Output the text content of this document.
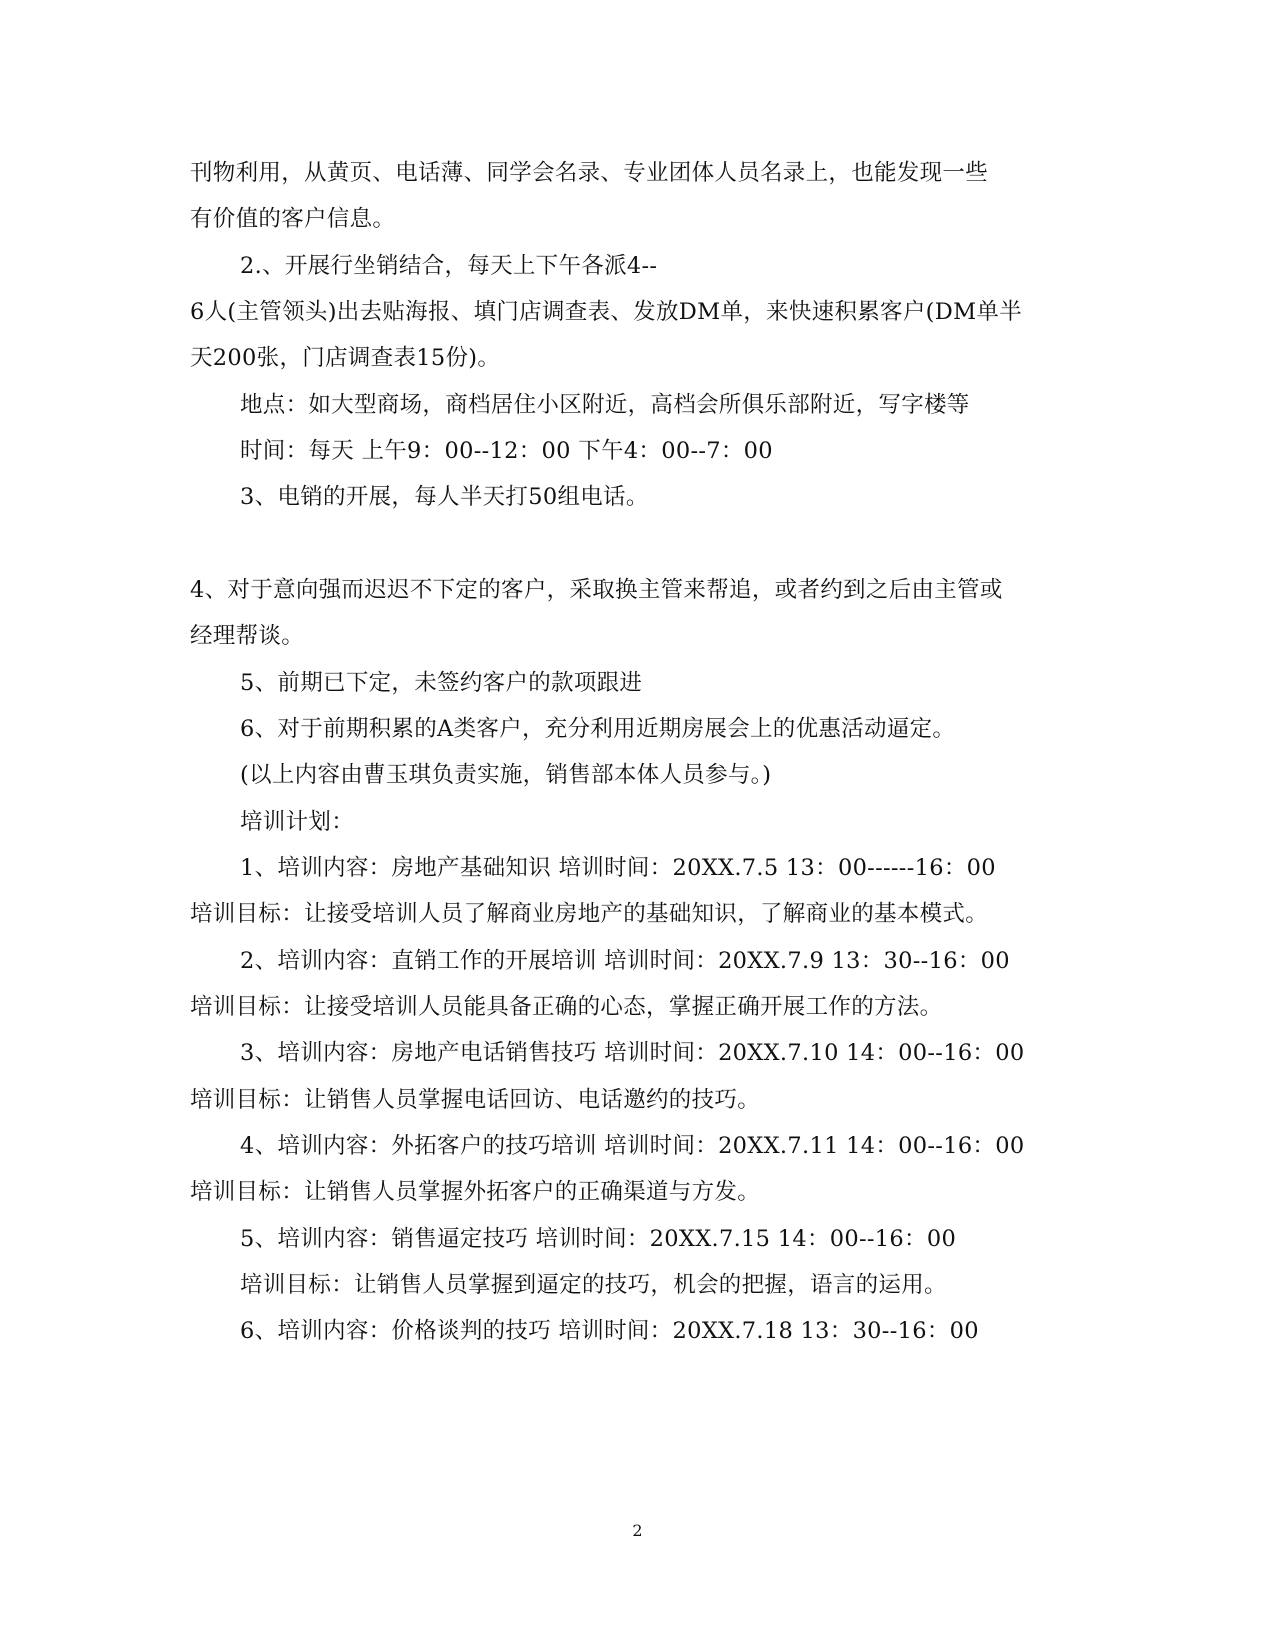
刊物利用，从黄页、电话薄、同学会名录、专业团体人员名录上，也能发现一些
有价值的客户信息。
2.、开展行坐销结合，每天上下午各派4--
6人(主管领头)出去贴海报、填门店调查表、发放DM单，来快速积累客户(DM单半
天200张，门店调查表15份)。
地点：如大型商场，商档居住小区附近，高档会所俱乐部附近，写字楼等
时间：每天 上午9：00--12：00 下午4：00--7：00
3、电销的开展，每人半天打50组电话。
4、对于意向强而迟迟不下定的客户，采取换主管来帮追，或者约到之后由主管或
经理帮谈。
5、前期已下定，未签约客户的款项跟进
6、对于前期积累的A类客户，充分利用近期房展会上的优惠活动逼定。
(以上内容由曹玉琪负责实施，销售部本体人员参与。)
培训计划：
1、培训内容：房地产基础知识 培训时间：20XX.7.5 13：00------16：00
培训目标：让接受培训人员了解商业房地产的基础知识，了解商业的基本模式。
2、培训内容：直销工作的开展培训 培训时间：20XX.7.9 13：30--16：00
培训目标：让接受培训人员能具备正确的心态，掌握正确开展工作的方法。
3、培训内容：房地产电话销售技巧 培训时间：20XX.7.10 14：00--16：00
培训目标：让销售人员掌握电话回访、电话邀约的技巧。
4、培训内容：外拓客户的技巧培训 培训时间：20XX.7.11 14：00--16：00
培训目标：让销售人员掌握外拓客户的正确渠道与方发。
5、培训内容：销售逼定技巧 培训时间：20XX.7.15 14：00--16：00
培训目标：让销售人员掌握到逼定的技巧，机会的把握，语言的运用。
6、培训内容：价格谈判的技巧 培训时间：20XX.7.18 13：30--16：00
2
